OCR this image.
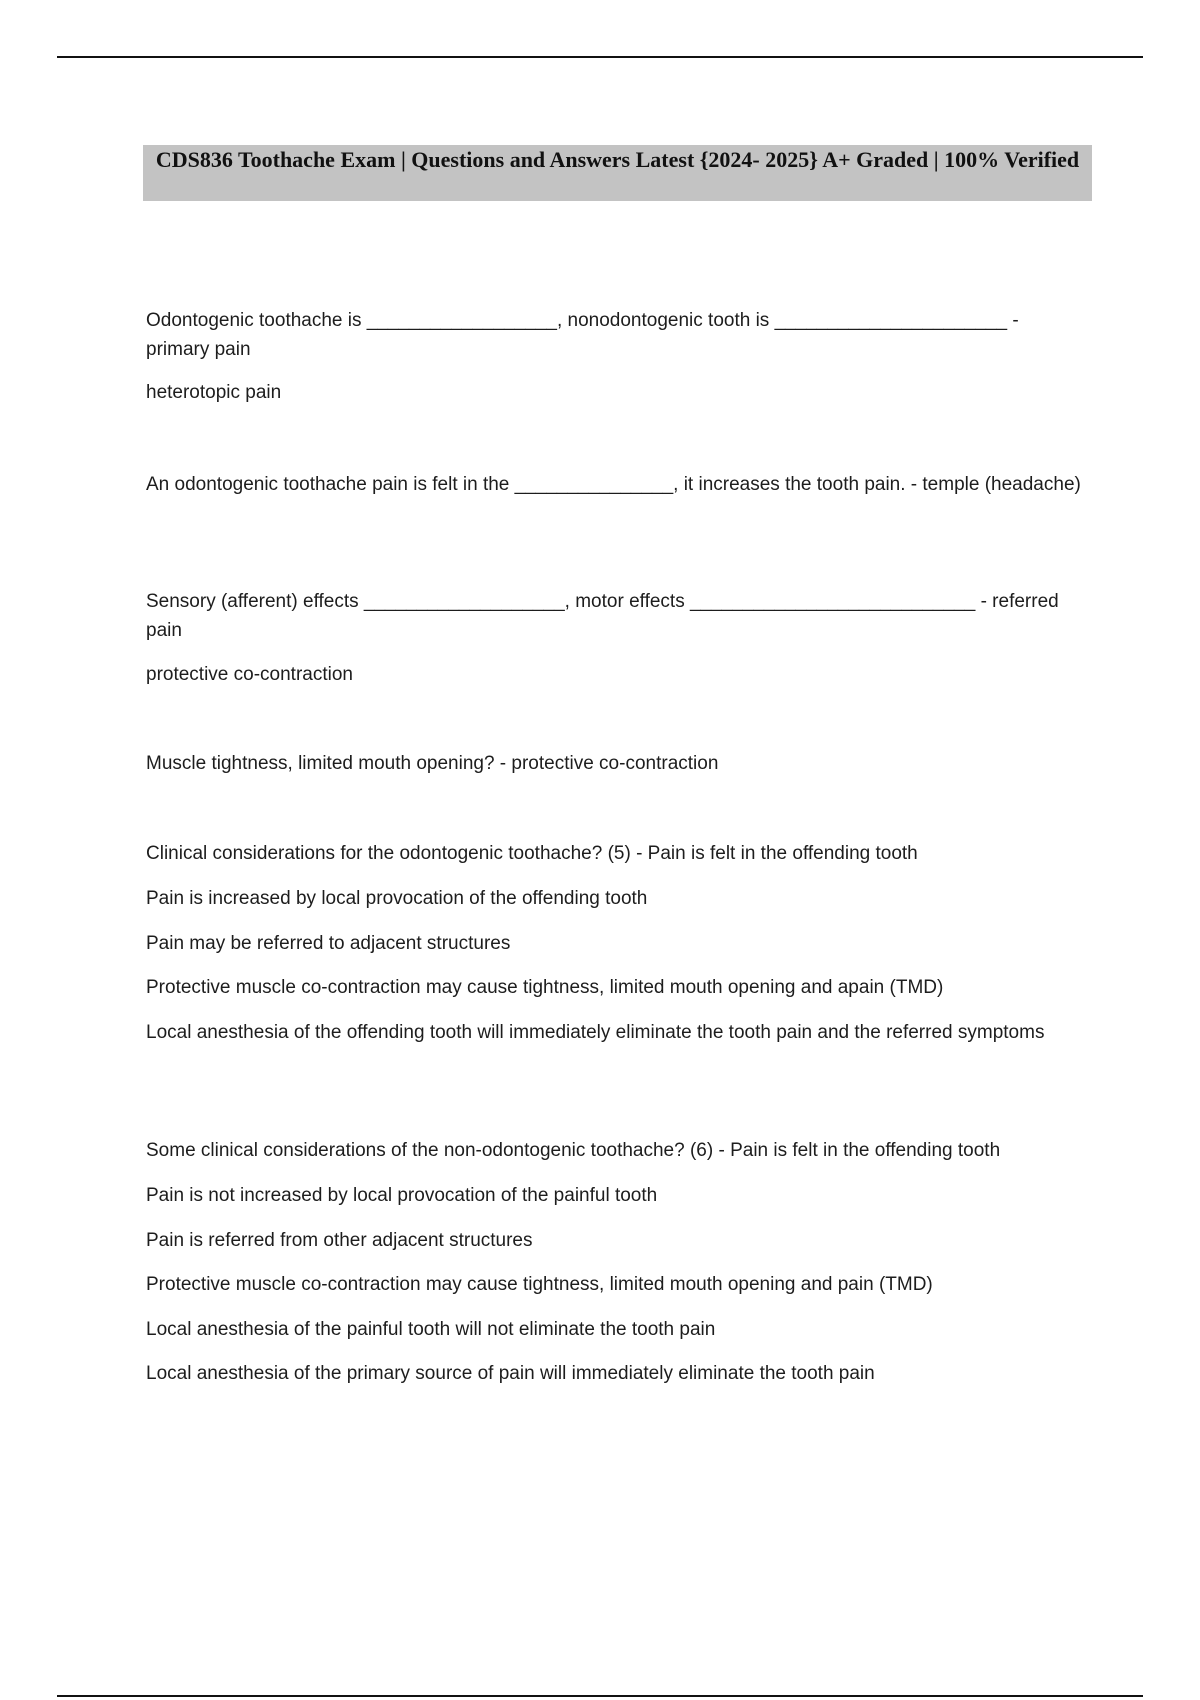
CDS836 Toothache Exam | Questions and Answers Latest {2024- 2025} A+ Graded | 100% Verified
Odontogenic toothache is __________________, nonodontogenic tooth is ______________________ - primary pain
heterotopic pain
An odontogenic toothache pain is felt in the _______________, it increases the tooth pain. - temple (headache)
Sensory (afferent) effects ___________________, motor effects ___________________________ - referred pain
protective co-contraction
Muscle tightness, limited mouth opening? - protective co-contraction
Clinical considerations for the odontogenic toothache? (5) - Pain is felt in the offending tooth
Pain is increased by local provocation of the offending tooth
Pain may be referred to adjacent structures
Protective muscle co-contraction may cause tightness, limited mouth opening and apain (TMD)
Local anesthesia of the offending tooth will immediately eliminate the tooth pain and the referred symptoms
Some clinical considerations of the non-odontogenic toothache? (6) - Pain is felt in the offending tooth
Pain is not increased by local provocation of the painful tooth
Pain is referred from other adjacent structures
Protective muscle co-contraction may cause tightness, limited mouth opening and pain (TMD)
Local anesthesia of the painful tooth will not eliminate the tooth pain
Local anesthesia of the primary source of pain will immediately eliminate the tooth pain
